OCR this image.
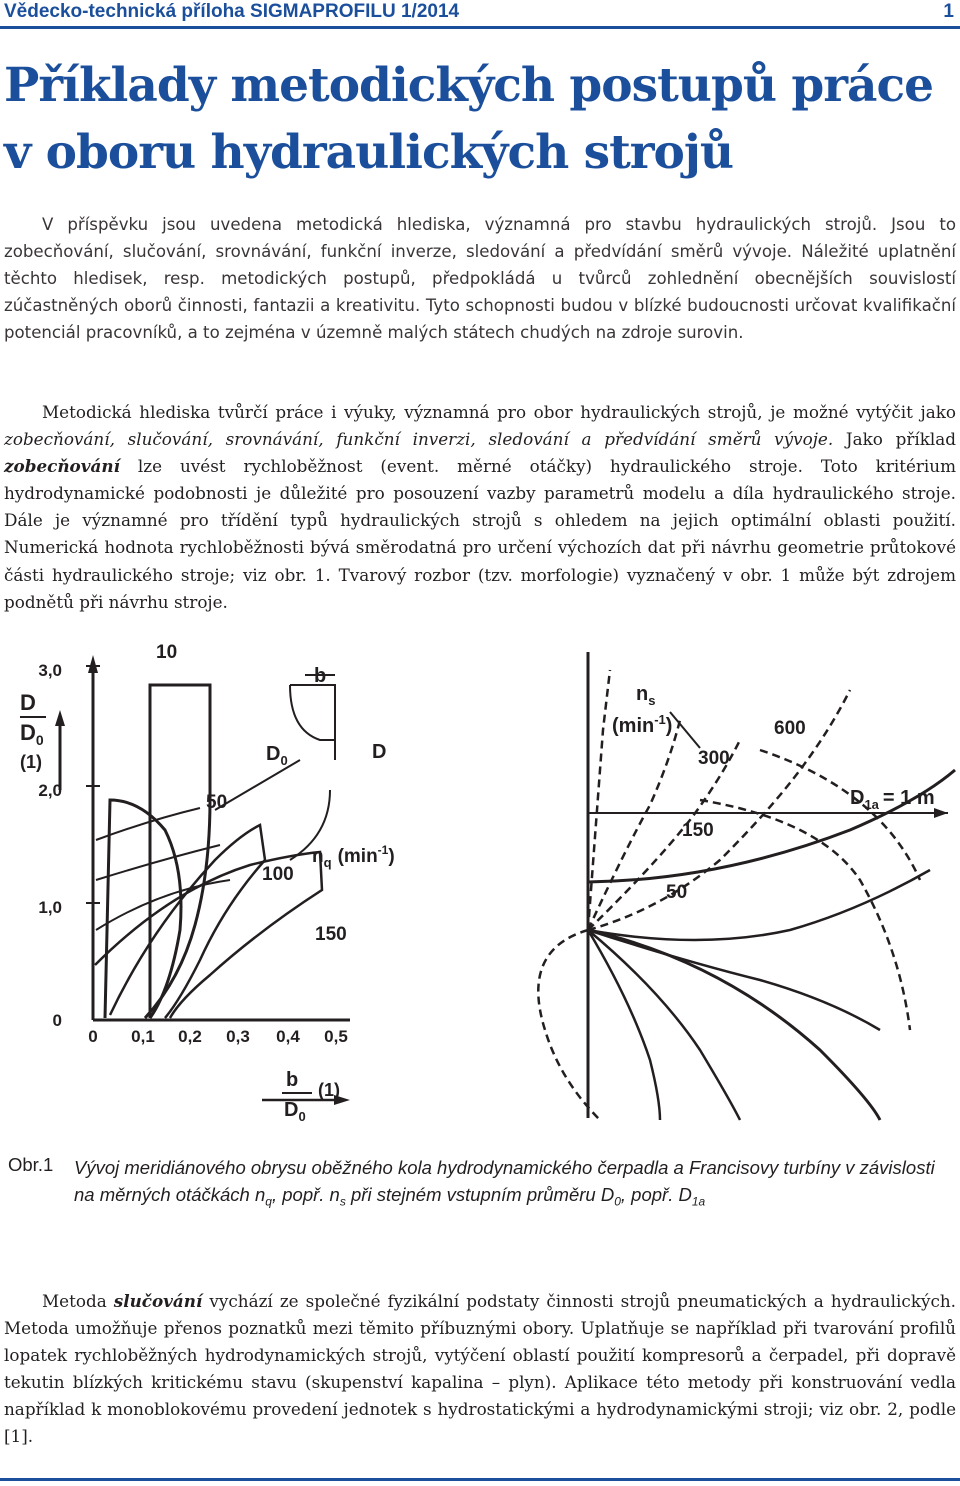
Vědecko-technická příloha SIGMAPROFILU 1/2014	1
Příklady metodických postupů práce
v oboru hydraulických strojů

V příspěvku jsou uvedena metodická hlediska, významná pro stavbu hydraulických strojů. Jsou to zobecňování, slučování, srovnávání, funkční inverze, sledování a předvídání směrů vývoje. Náležité uplatnění těchto hledisek, resp. metodických postupů, předpokládá u tvůrců zohlednění obecnějších souvislostí zúčastněných oborů činnosti, fantazii a kreativitu. Tyto schopnosti budou v blízké budoucnosti určovat kvalifikační potenciál pracovníků, a to zejména v územně malých státech chudých na zdroje surovin.

Metodická hlediska tvůrčí práce i výuky, významná pro obor hydraulických strojů, je možné vytýčit jako zobecňování, slučování, srovnávání, funkční inverzi, sledování a předvídání směrů vývoje. Jako příklad zobecňování lze uvést rychloběžnost (event. měrné otáčky) hydraulického stroje. Toto kritérium hydrodynamické podobnosti je důležité pro posouzení vazby parametrů modelu a díla hydraulického stroje. Dále je významné pro třídění typů hydraulických strojů s ohledem na jejich optimální oblasti použití. Numerická hodnota rychloběžnosti bývá směrodatná pro určení výchozích dat při návrhu geometrie průtokové části hydraulického stroje; viz obr. 1. Tvarový rozbor (tzv. morfologie) vyznačený v obr. 1 může být zdrojem podnětů při návrhu stroje.

3,0
2,0
1,0
0
0 0,1 0,2 0,3 0,4 0,5
D
$D_0$
(1)
10
50
100
150
$n_q$ $(\min^{-1})$
b
$D_0$	D
b
$D_0$
(1)
$n_s$
$(\min^{-1})$	600
300
150
50
$D_{1a} = 1$ m
Obr.1 Vývoj meridiánového obrysu oběžného kola hydrodynamického čerpadla a Francisovy turbíny v závislosti na měrných otáčkách $n_q$, popř. $n_s$ při stejném vstupním průměru $D_0$, popř. $D_{1a}$

Metoda slučování vychází ze společné fyzikální podstaty činnosti strojů pneumatických a hydraulických. Metoda umožňuje přenos poznatků mezi těmito příbuznými obory. Uplatňuje se například při tvarování profilů lopatek rychloběžných hydrodynamických strojů, vytýčení oblastí použití kompresorů a čerpadel, při dopravě tekutin blízkých kritickému stavu (skupenství kapalina – plyn). Aplikace této metody při konstruování vedla například k monoblokovému provedení jednotek s hydrostatickými a hydrodynamickými stroji; viz obr. 2, podle [1].
